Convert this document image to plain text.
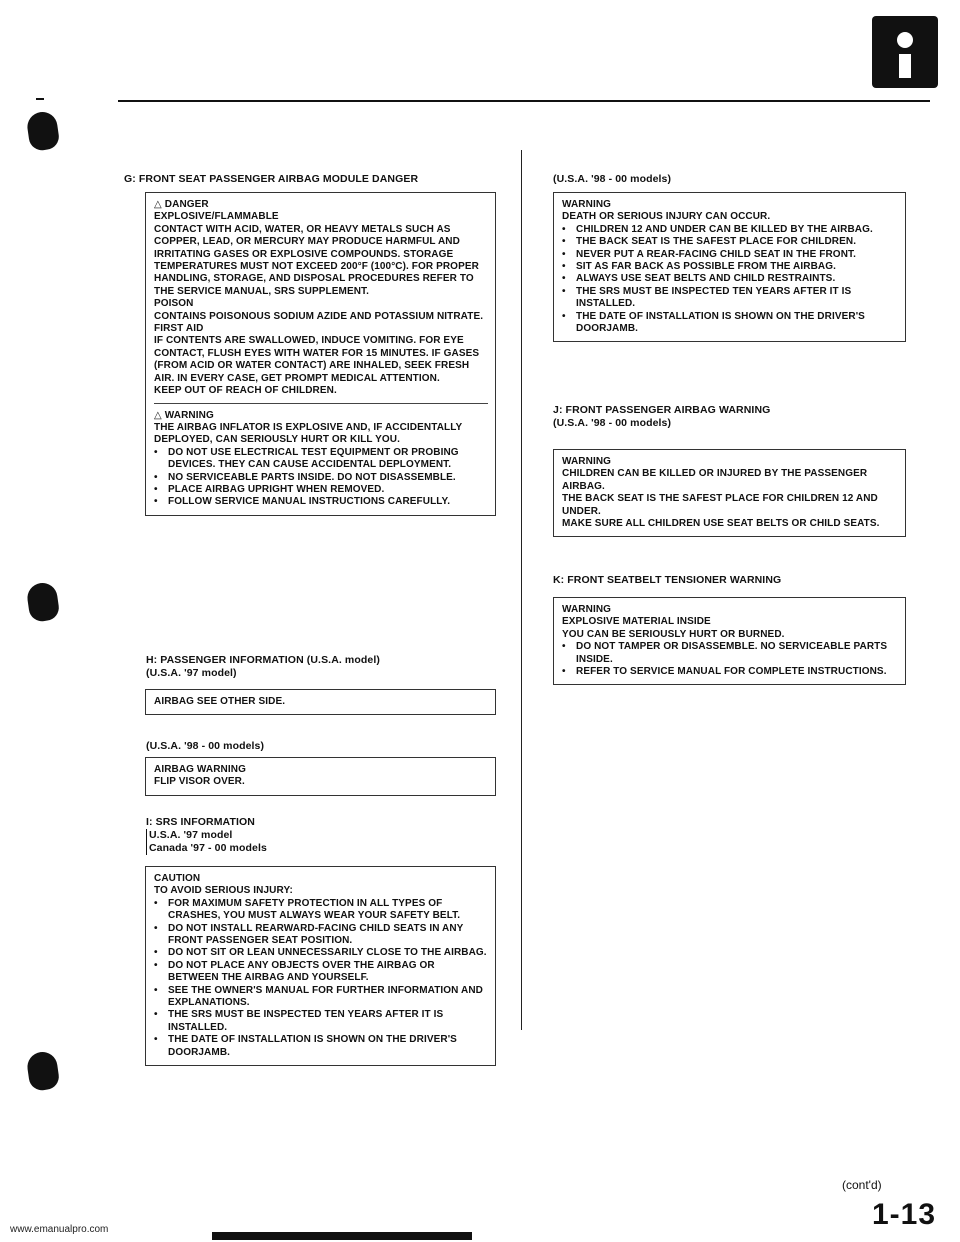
G: FRONT SEAT PASSENGER AIRBAG MODULE DANGER
△ DANGER
EXPLOSIVE/FLAMMABLE
CONTACT WITH ACID, WATER, OR HEAVY METALS SUCH AS COPPER, LEAD, OR MERCURY MAY PRODUCE HARMFUL AND IRRITATING GASES OR EXPLOSIVE COMPOUNDS. STORAGE TEMPERATURES MUST NOT EXCEED 200°F (100°C). FOR PROPER HANDLING, STORAGE, AND DISPOSAL PROCEDURES REFER TO THE SERVICE MANUAL, SRS SUPPLEMENT.
POISON
CONTAINS POISONOUS SODIUM AZIDE AND POTASSIUM NITRATE.
FIRST AID
IF CONTENTS ARE SWALLOWED, INDUCE VOMITING. FOR EYE CONTACT, FLUSH EYES WITH WATER FOR 15 MINUTES. IF GASES (FROM ACID OR WATER CONTACT) ARE INHALED, SEEK FRESH AIR. IN EVERY CASE, GET PROMPT MEDICAL ATTENTION.
KEEP OUT OF REACH OF CHILDREN.
△ WARNING
THE AIRBAG INFLATOR IS EXPLOSIVE AND, IF ACCIDENTALLY DEPLOYED, CAN SERIOUSLY HURT OR KILL YOU.
•	DO NOT USE ELECTRICAL TEST EQUIPMENT OR PROBING DEVICES. THEY CAN CAUSE ACCIDENTAL DEPLOYMENT.
•	NO SERVICEABLE PARTS INSIDE. DO NOT DISASSEMBLE.
•	PLACE AIRBAG UPRIGHT WHEN REMOVED.
•	FOLLOW SERVICE MANUAL INSTRUCTIONS CAREFULLY.
H: PASSENGER INFORMATION (U.S.A. model)
(U.S.A. '97 model)
AIRBAG SEE OTHER SIDE.
(U.S.A. '98 - 00 models)
AIRBAG WARNING
FLIP VISOR OVER.
I: SRS INFORMATION
U.S.A. '97 model
Canada '97 - 00 models
CAUTION
TO AVOID SERIOUS INJURY:
•	FOR MAXIMUM SAFETY PROTECTION IN ALL TYPES OF CRASHES, YOU MUST ALWAYS WEAR YOUR SAFETY BELT.
•	DO NOT INSTALL REARWARD-FACING CHILD SEATS IN ANY FRONT PASSENGER SEAT POSITION.
•	DO NOT SIT OR LEAN UNNECESSARILY CLOSE TO THE AIRBAG.
•	DO NOT PLACE ANY OBJECTS OVER THE AIRBAG OR BETWEEN THE AIRBAG AND YOURSELF.
•	SEE THE OWNER'S MANUAL FOR FURTHER INFORMATION AND EXPLANATIONS.
•	THE SRS MUST BE INSPECTED TEN YEARS AFTER IT IS INSTALLED.
•	THE DATE OF INSTALLATION IS SHOWN ON THE DRIVER'S DOORJAMB.
(U.S.A. '98 - 00 models)
WARNING
DEATH OR SERIOUS INJURY CAN OCCUR.
•	CHILDREN 12 AND UNDER CAN BE KILLED BY THE AIRBAG.
•	THE BACK SEAT IS THE SAFEST PLACE FOR CHILDREN.
•	NEVER PUT A REAR-FACING CHILD SEAT IN THE FRONT.
•	SIT AS FAR BACK AS POSSIBLE FROM THE AIRBAG.
•	ALWAYS USE SEAT BELTS AND CHILD RESTRAINTS.
•	THE SRS MUST BE INSPECTED TEN YEARS AFTER IT IS INSTALLED.
•	THE DATE OF INSTALLATION IS SHOWN ON THE DRIVER'S DOORJAMB.
J: FRONT PASSENGER AIRBAG WARNING
(U.S.A. '98 - 00 models)
WARNING
CHILDREN CAN BE KILLED OR INJURED BY THE PASSENGER AIRBAG.
THE BACK SEAT IS THE SAFEST PLACE FOR CHILDREN 12 AND UNDER.
MAKE SURE ALL CHILDREN USE SEAT BELTS OR CHILD SEATS.
K: FRONT SEATBELT TENSIONER WARNING
WARNING
EXPLOSIVE MATERIAL INSIDE
YOU CAN BE SERIOUSLY HURT OR BURNED.
•	DO NOT TAMPER OR DISASSEMBLE. NO SERVICEABLE PARTS INSIDE.
•	REFER TO SERVICE MANUAL FOR COMPLETE INSTRUCTIONS.
(cont'd)
1-13
www.emanualpro.com
